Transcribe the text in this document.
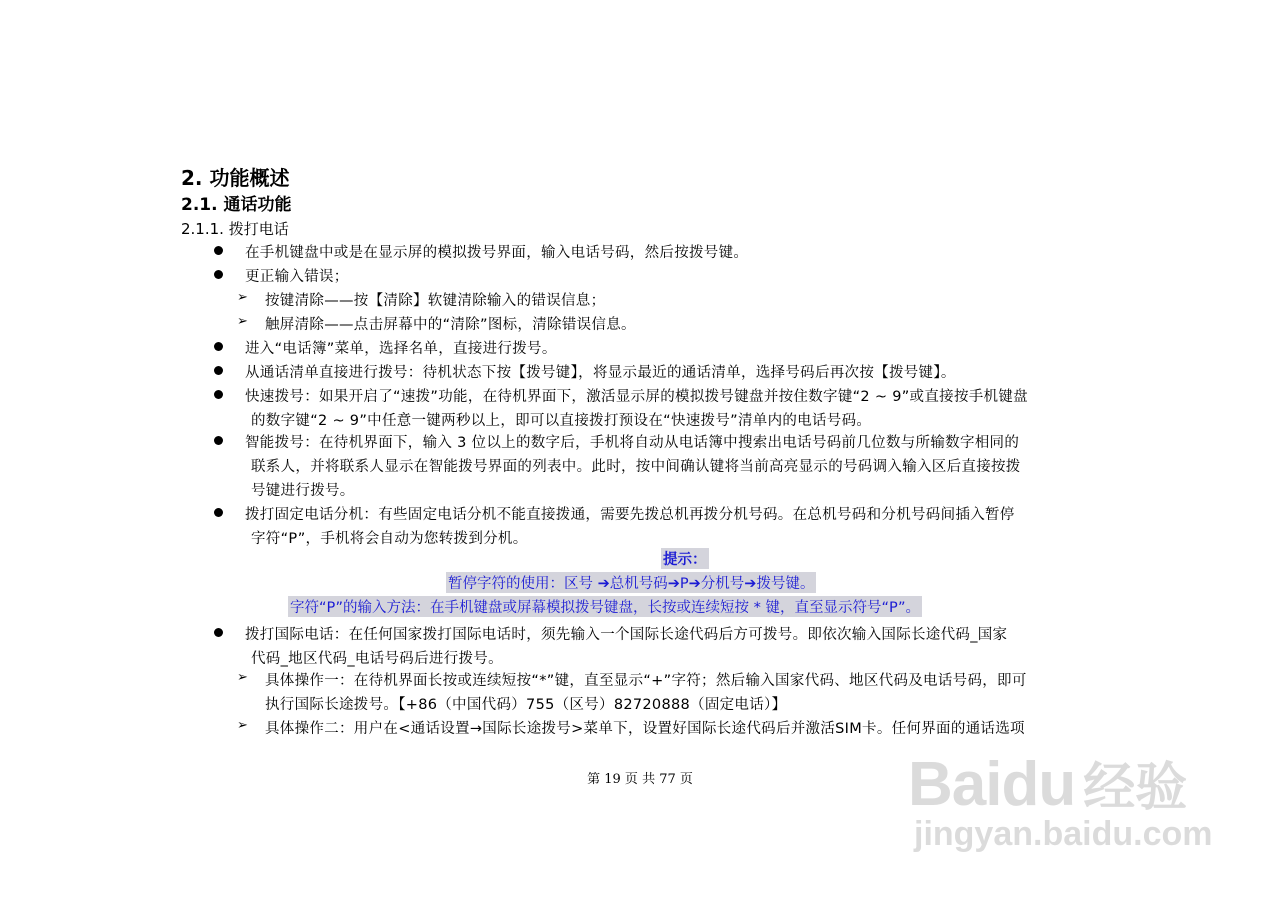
2. 功能概述
2.1. 通话功能
2.1.1. 拨打电话
在手机键盘中或是在显示屏的模拟拨号界面，输入电话号码，然后按拨号键。
更正输入错误；
➢ 按键清除——按【清除】软键清除输入的错误信息；
➢ 触屏清除——点击屏幕中的“清除”图标，清除错误信息。
进入“电话簿”菜单，选择名单，直接进行拨号。
从通话清单直接进行拨号：待机状态下按【拨号键】，将显示最近的通话清单，选择号码后再次按【拨号键】。
快速拨号：如果开启了“速拨”功能，在待机界面下，激活显示屏的模拟拨号键盘并按住数字键“2 ~ 9”或直接按手机键盘
的数字键“2 ~ 9”中任意一键两秒以上，即可以直接拨打预设在“快速拨号”清单内的电话号码。
智能拨号：在待机界面下，输入 3 位以上的数字后，手机将自动从电话簿中搜索出电话号码前几位数与所输数字相同的
联系人，并将联系人显示在智能拨号界面的列表中。此时，按中间确认键将当前高亮显示的号码调入输入区后直接按拨
号键进行拨号。
拨打固定电话分机：有些固定电话分机不能直接拨通，需要先拨总机再拨分机号码。在总机号码和分机号码间插入暂停
字符“P”，手机将会自动为您转拨到分机。
提示：
暂停字符的使用：区号 ➔总机号码➔P➔分机号➔拨号键。
字符“P”的输入方法：在手机键盘或屏幕模拟拨号键盘，长按或连续短按 * 键，直至显示符号“P”。
拨打国际电话：在任何国家拨打国际电话时，须先输入一个国际长途代码后方可拨号。即依次输入国际长途代码_国家
代码_地区代码_电话号码后进行拨号。
➢ 具体操作一：在待机界面长按或连续短按“*”键，直至显示“+”字符；然后输入国家代码、地区代码及电话号码，即可
执行国际长途拨号。【+86（中国代码）755（区号）82720888（固定电话）】
➢ 具体操作二：用户在<通话设置→国际长途拨号>菜单下，设置好国际长途代码后并激活SIM卡。任何界面的通话选项
第 19 页 共 77 页	Baidu 经验
jingyan.baidu.com
